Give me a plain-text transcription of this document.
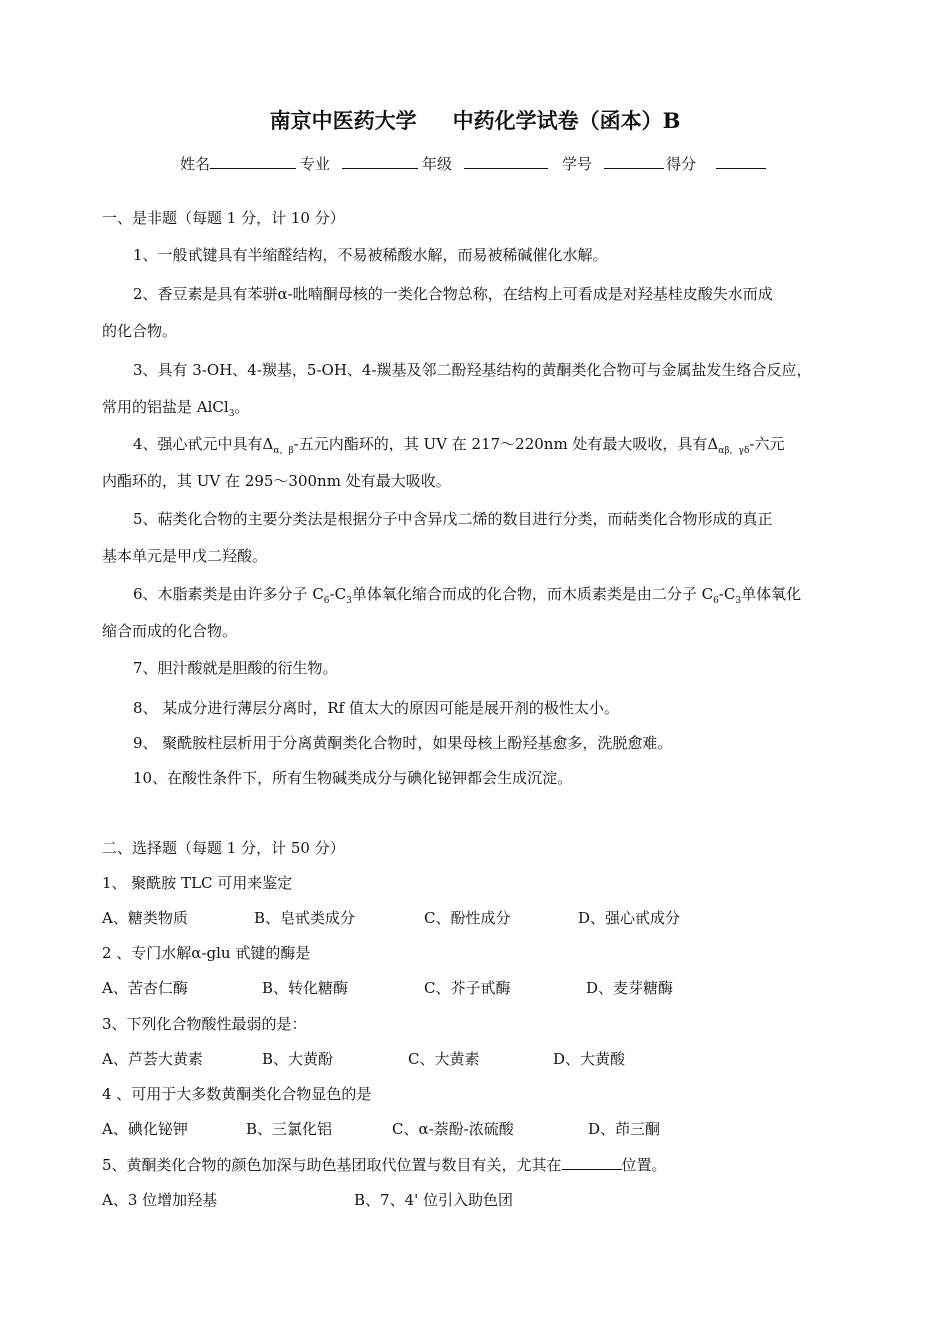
南京中医药大学 中药化学试卷（函本）B
姓名	专业	年级	学号	得分
一、是非题（每题 1 分，计 10 分）
1、一般甙键具有半缩醛结构，不易被稀酸水解，而易被稀碱催化水解。
2、香豆素是具有苯骈α-吡喃酮母核的一类化合物总称，在结构上可看成是对羟基桂皮酸失水而成
的化合物。
3、具有 3-OH、4-羰基，5-OH、4-羰基及邻二酚羟基结构的黄酮类化合物可与金属盐发生络合反应，
常用的铝盐是 AlCl$_3$。
4、强心甙元中具有$\Delta_{\alpha,\beta}-$五元内酯环的，其 UV 在 217～220nm 处有最大吸收，具有$\Delta_{\alpha\beta,\gamma\delta}-$六元
内酯环的，其 UV 在 295～300nm 处有最大吸收。
5、萜类化合物的主要分类法是根据分子中含异戊二烯的数目进行分类，而萜类化合物形成的真正
基本单元是甲戊二羟酸。
6、木脂素类是由许多分子 $C_6-C_3$单体氧化缩合而成的化合物，而木质素类是由二分子 $C_6-C_3$单体氧化
缩合而成的化合物。
7、胆汁酸就是胆酸的衍生物。
8、 某成分进行薄层分离时，Rf 值太大的原因可能是展开剂的极性太小。
9、 聚酰胺柱层析用于分离黄酮类化合物时，如果母核上酚羟基愈多，洗脱愈难。
10、在酸性条件下，所有生物碱类成分与碘化铋钾都会生成沉淀。
二、选择题（每题 1 分，计 50 分）
1、 聚酰胺 TLC 可用来鉴定
A、糖类物质	B、皂甙类成分	C、酚性成分	D、强心甙成分
2 、专门水解α-glu 甙键的酶是
A、苦杏仁酶	B、转化糖酶	C、芥子甙酶	D、麦芽糖酶
3、下列化合物酸性最弱的是：
A、芦荟大黄素	B、大黄酚	C、大黄素	D、大黄酸
4 、可用于大多数黄酮类化合物显色的是
A、碘化铋钾	B、三氯化铝	C、α-萘酚-浓硫酸	D、茚三酮
5、黄酮类化合物的颜色加深与助色基团取代位置与数目有关，尤其在	位置。
A、3 位增加羟基	B、7、4' 位引入助色团
